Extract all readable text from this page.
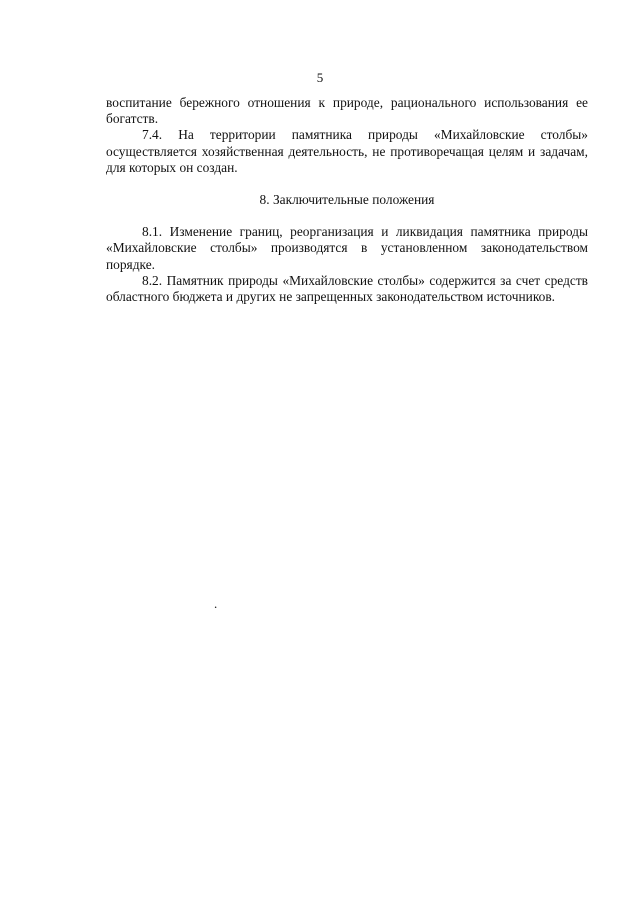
5

воспитание бережного отношения к природе, рационального использования ее богатств.

7.4. На территории памятника природы «Михайловские столбы» осуществляется хозяйственная деятельность, не противоречащая целям и задачам, для которых он создан.

8. Заключительные положения

8.1. Изменение границ, реорганизация и ликвидация памятника природы «Михайловские столбы» производятся в установленном законодательством порядке.

8.2. Памятник природы «Михайловские столбы» содержится за счет средств областного бюджета и других не запрещенных законодательством источников.

.
